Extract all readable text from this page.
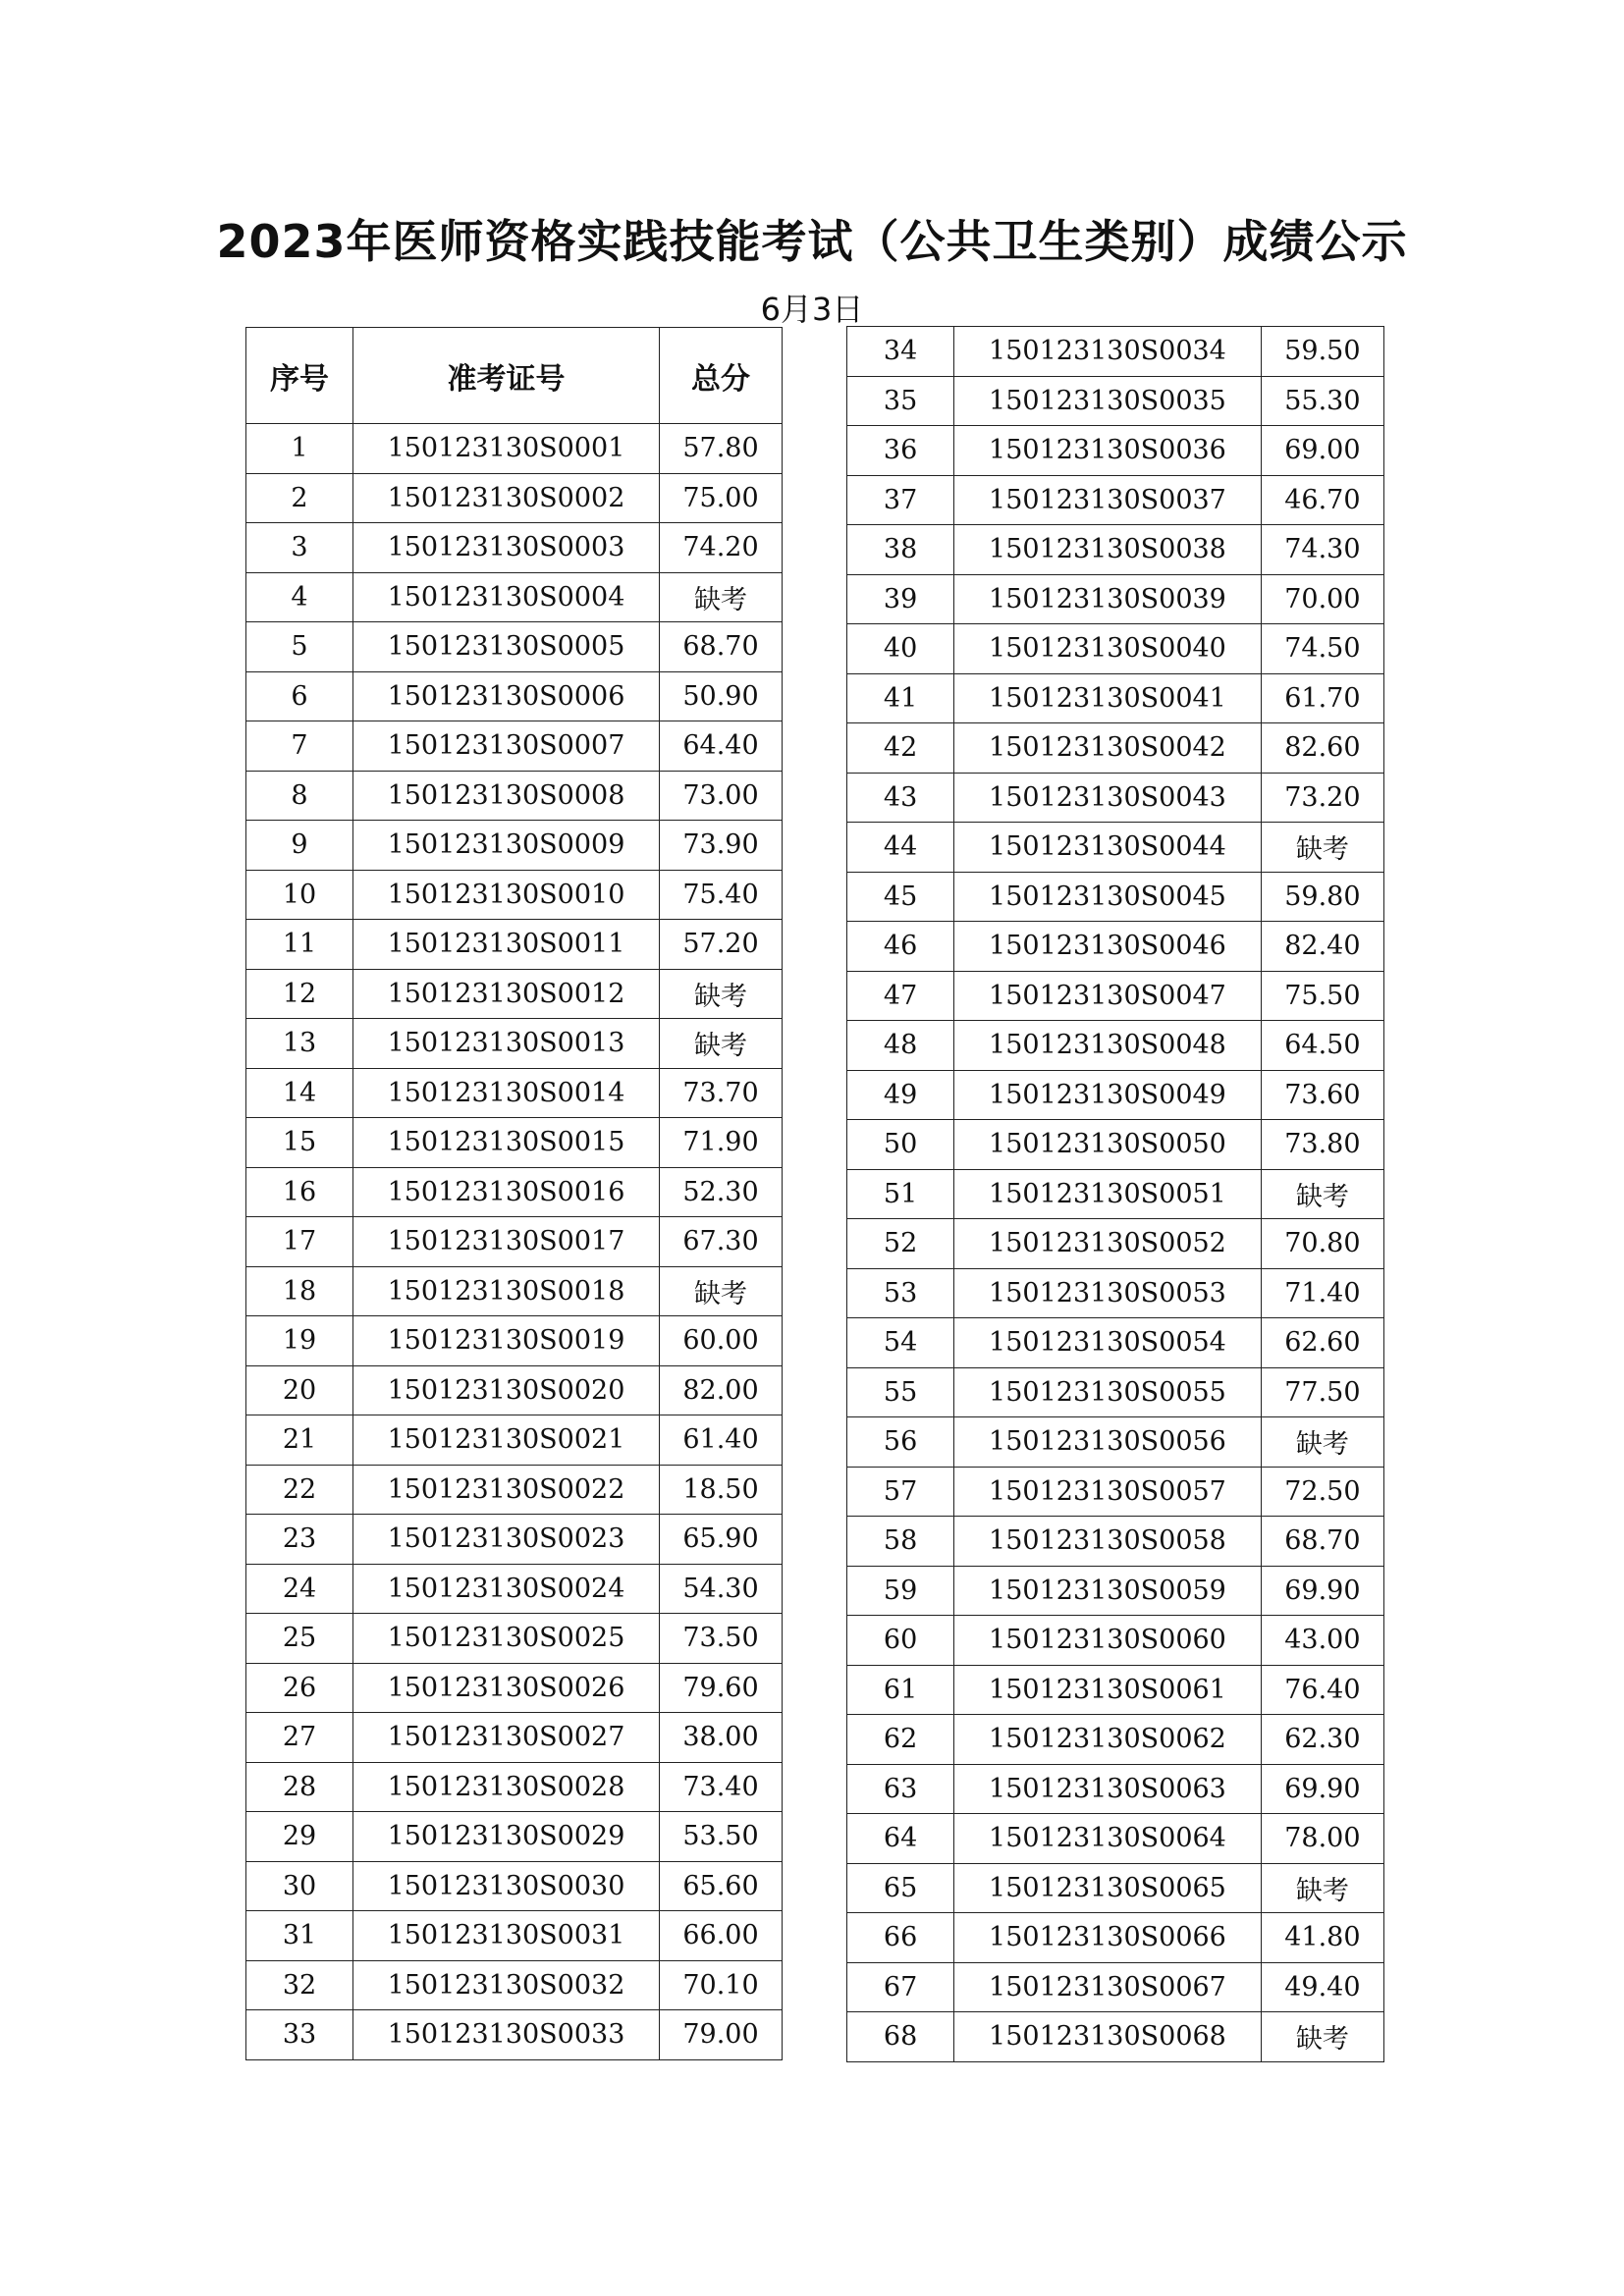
2023年医师资格实践技能考试（公共卫生类别）成绩公示
6月3日
序号	准考证号	总分
1	150123130S0001	57.80
2	150123130S0002	75.00
3	150123130S0003	74.20
4	150123130S0004	缺考
5	150123130S0005	68.70
6	150123130S0006	50.90
7	150123130S0007	64.40
8	150123130S0008	73.00
9	150123130S0009	73.90
10	150123130S0010	75.40
11	150123130S0011	57.20
12	150123130S0012	缺考
13	150123130S0013	缺考
14	150123130S0014	73.70
15	150123130S0015	71.90
16	150123130S0016	52.30
17	150123130S0017	67.30
18	150123130S0018	缺考
19	150123130S0019	60.00
20	150123130S0020	82.00
21	150123130S0021	61.40
22	150123130S0022	18.50
23	150123130S0023	65.90
24	150123130S0024	54.30
25	150123130S0025	73.50
26	150123130S0026	79.60
27	150123130S0027	38.00
28	150123130S0028	73.40
29	150123130S0029	53.50
30	150123130S0030	65.60
31	150123130S0031	66.00
32	150123130S0032	70.10
33	150123130S0033	79.00
34	150123130S0034	59.50
35	150123130S0035	55.30
36	150123130S0036	69.00
37	150123130S0037	46.70
38	150123130S0038	74.30
39	150123130S0039	70.00
40	150123130S0040	74.50
41	150123130S0041	61.70
42	150123130S0042	82.60
43	150123130S0043	73.20
44	150123130S0044	缺考
45	150123130S0045	59.80
46	150123130S0046	82.40
47	150123130S0047	75.50
48	150123130S0048	64.50
49	150123130S0049	73.60
50	150123130S0050	73.80
51	150123130S0051	缺考
52	150123130S0052	70.80
53	150123130S0053	71.40
54	150123130S0054	62.60
55	150123130S0055	77.50
56	150123130S0056	缺考
57	150123130S0057	72.50
58	150123130S0058	68.70
59	150123130S0059	69.90
60	150123130S0060	43.00
61	150123130S0061	76.40
62	150123130S0062	62.30
63	150123130S0063	69.90
64	150123130S0064	78.00
65	150123130S0065	缺考
66	150123130S0066	41.80
67	150123130S0067	49.40
68	150123130S0068	缺考
